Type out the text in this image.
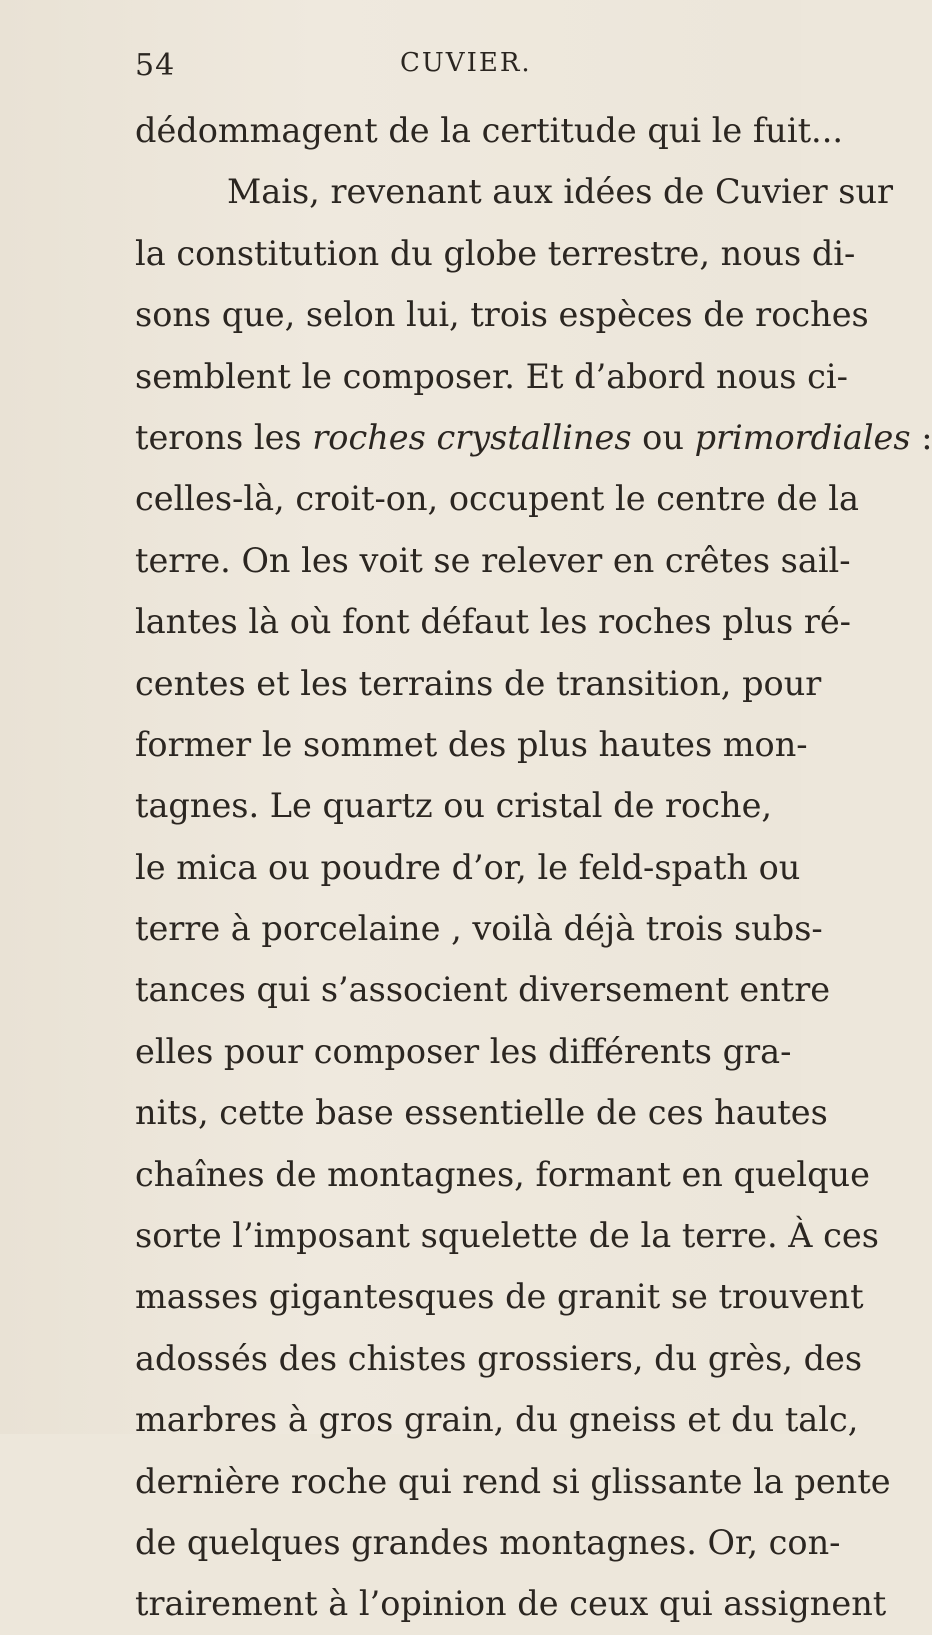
54	CUVIER.
dédommagent de la certitude qui le fuit...
Mais, revenant aux idées de Cuvier sur
la constitution du globe terrestre, nous di-
sons que, selon lui, trois espèces de roches
semblent le composer. Et d’abord nous ci-
terons les roches crystallines ou primordiales :
celles-là, croit-on, occupent le centre de la
terre. On les voit se relever en crêtes sail-
lantes là où font défaut les roches plus ré-
centes et les terrains de transition, pour
former le sommet des plus hautes mon-
tagnes. Le quartz ou cristal de roche,
le mica ou poudre d’or, le feld-spath ou
terre à porcelaine , voilà déjà trois subs-
tances qui s’associent diversement entre
elles pour composer les différents gra-
nits, cette base essentielle de ces hautes
chaînes de montagnes, formant en quelque
sorte l’imposant squelette de la terre. À ces
masses gigantesques de granit se trouvent
adossés des chistes grossiers, du grès, des
marbres à gros grain, du gneiss et du talc,
dernière roche qui rend si glissante la pente
de quelques grandes montagnes. Or, con-
trairement à l’opinion de ceux qui assignent
